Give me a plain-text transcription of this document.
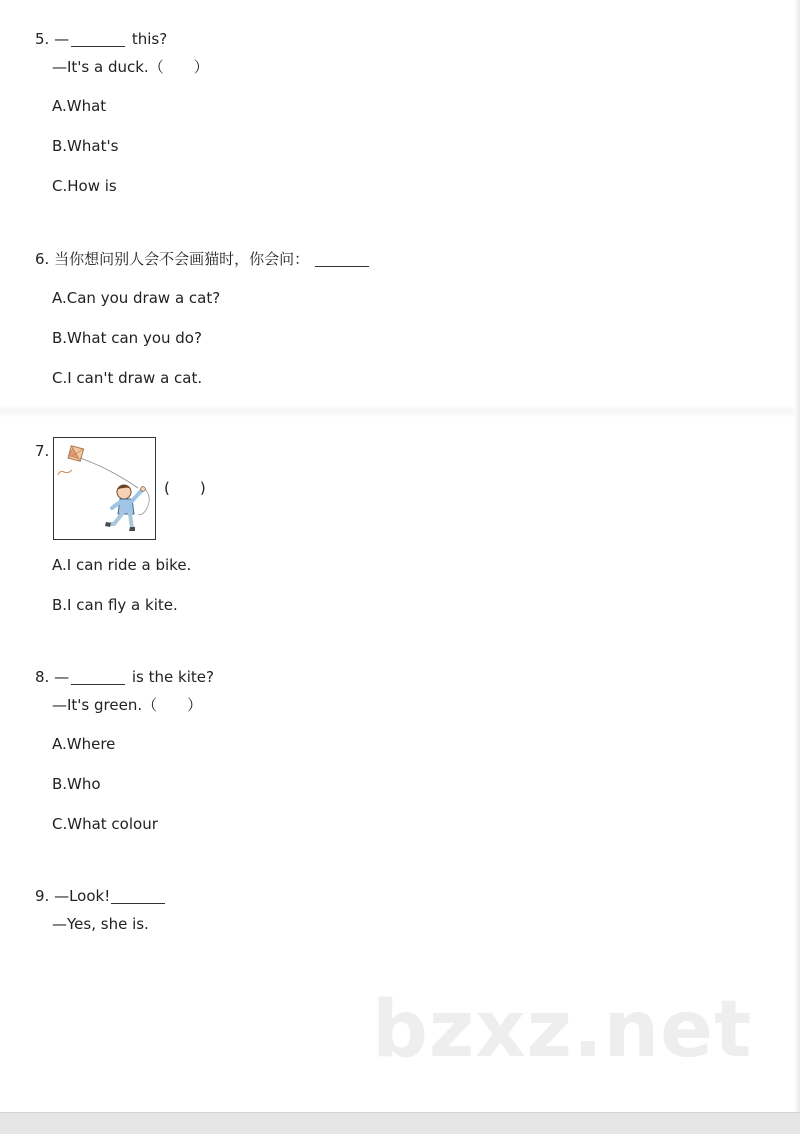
5. —	this?
—It's a duck.（　　）
A.What
B.What's
C.How is
6. 当你想问别人会不会画猫时，你会问：
A.Can you draw a cat?
B.What can you do?
C.I can't draw a cat.
7.
(　　)
A.I can ride a bike.
B.I can fly a kite.
8. —	is the kite?
—It's green.（　　）
A.Where
B.Who
C.What colour
9. —Look!
—Yes, she is.
bzxz.net
